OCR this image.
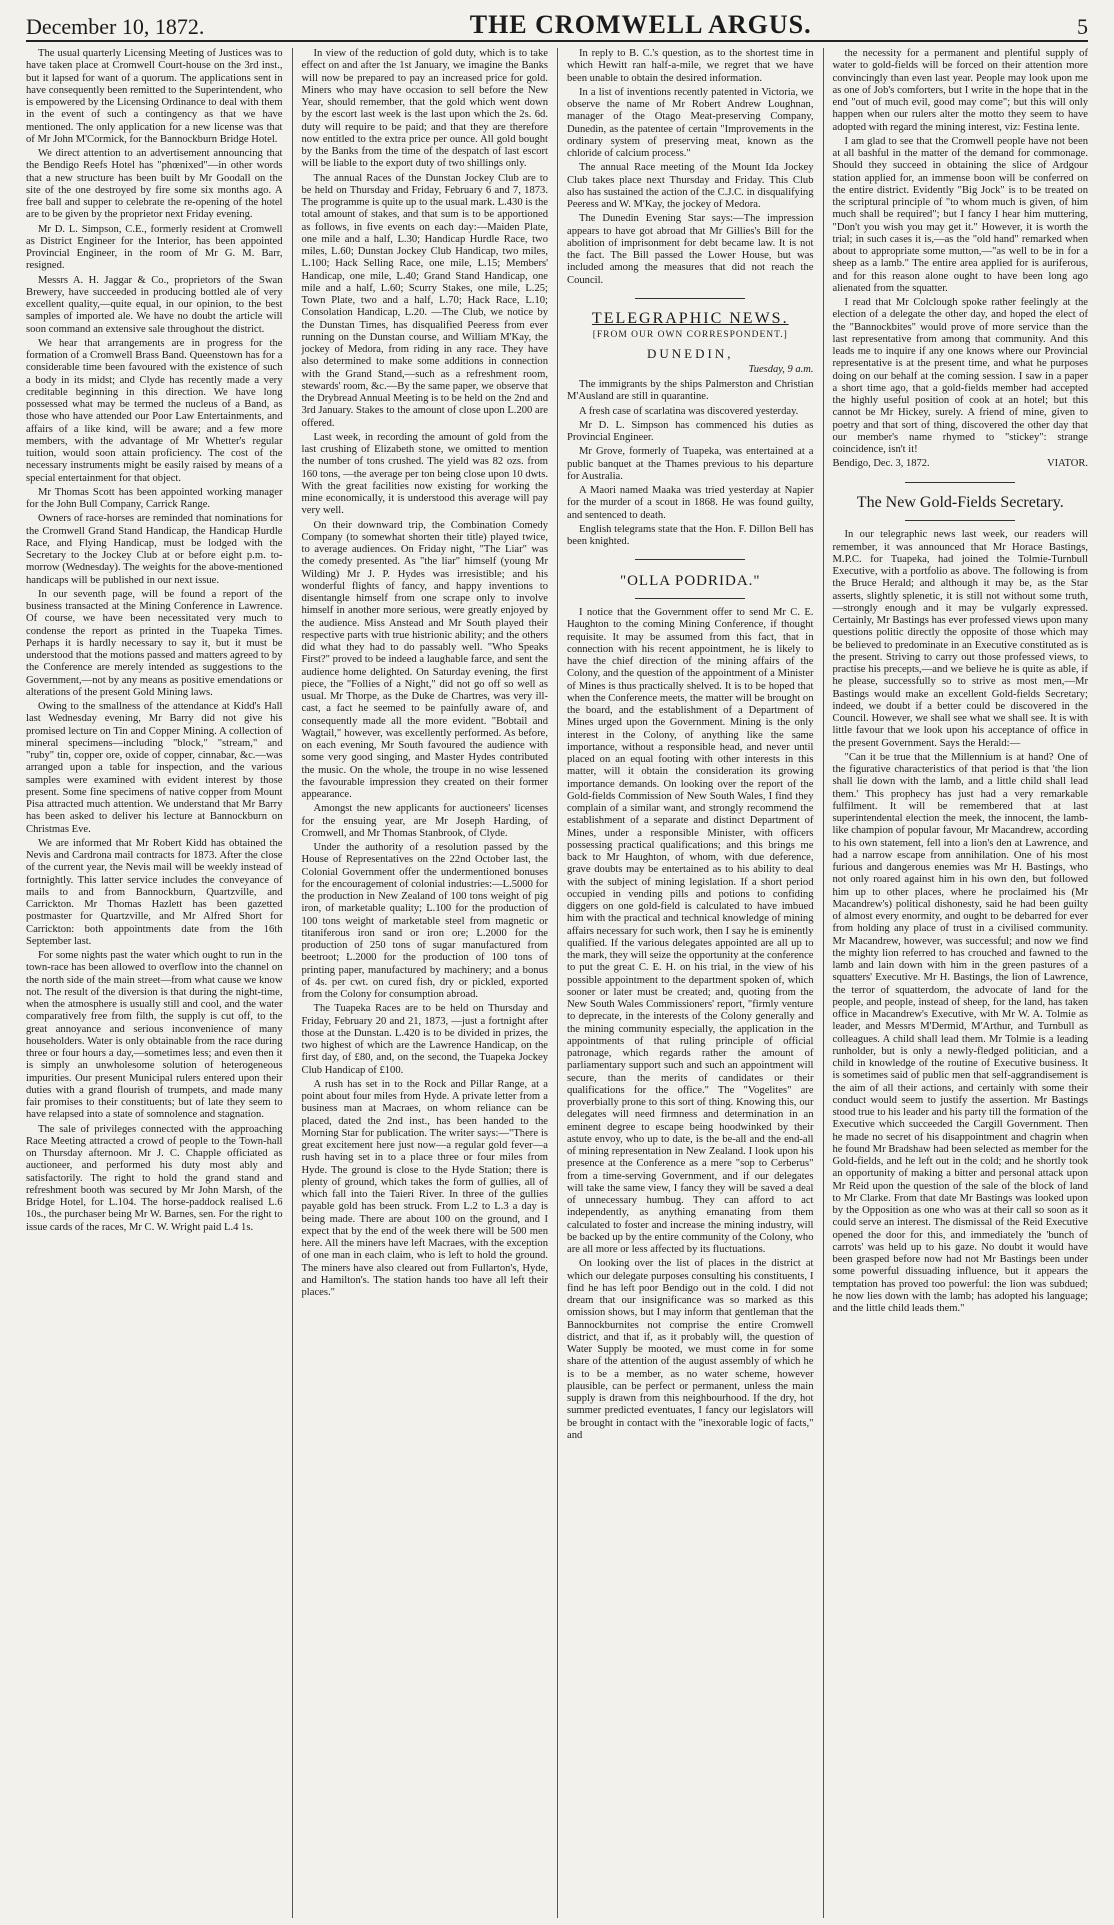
December 10, 1872.	THE CROMWELL ARGUS.	5

The usual quarterly Licensing Meeting of Justices was to have taken place at Cromwell Court-house on the 3rd inst., but it lapsed for want of a quorum. The applications sent in have consequently been remitted to the Superintendent, who is empowered by the Licensing Ordinance to deal with them in the event of such a contingency as that we have mentioned. The only application for a new license was that of Mr John M'Cormick, for the Bannockburn Bridge Hotel.

We direct attention to an advertisement announcing that the Bendigo Reefs Hotel has "phœnixed"—in other words that a new structure has been built by Mr Goodall on the site of the one destroyed by fire some six months ago. A free ball and supper to celebrate the re-opening of the hotel are to be given by the proprietor next Friday evening.

Mr D. L. Simpson, C.E., formerly resident at Cromwell as District Engineer for the Interior, has been appointed Provincial Engineer, in the room of Mr G. M. Barr, resigned.

Messrs A. H. Jaggar & Co., proprietors of the Swan Brewery, have succeeded in producing bottled ale of very excellent quality,—quite equal, in our opinion, to the best samples of imported ale. We have no doubt the article will soon command an extensive sale throughout the district.

We hear that arrangements are in progress for the formation of a Cromwell Brass Band. Queenstown has for a considerable time been favoured with the existence of such a body in its midst; and Clyde has recently made a very creditable beginning in this direction. We have long possessed what may be termed the nucleus of a Band, as those who have attended our Poor Law Entertainments, and affairs of a like kind, will be aware; and a few more members, with the advantage of Mr Whetter's regular tuition, would soon attain proficiency. The cost of the necessary instruments might be easily raised by means of a special entertainment for that object.

Mr Thomas Scott has been appointed working manager for the John Bull Company, Carrick Range.

Owners of race-horses are reminded that nominations for the Cromwell Grand Stand Handicap, the Handicap Hurdle Race, and Flying Handicap, must be lodged with the Secretary to the Jockey Club at or before eight p.m. to-morrow (Wednesday). The weights for the above-mentioned handicaps will be published in our next issue.

In our seventh page, will be found a report of the business transacted at the Mining Conference in Lawrence. Of course, we have been necessitated very much to condense the report as printed in the Tuapeka Times. Perhaps it is hardly necessary to say it, but it must be understood that the motions passed and matters agreed to by the Conference are merely intended as suggestions to the Government,—not by any means as positive emendations or alterations of the present Gold Mining laws.

Owing to the smallness of the attendance at Kidd's Hall last Wednesday evening, Mr Barry did not give his promised lecture on Tin and Copper Mining. A collection of mineral specimens—including "block," "stream," and "ruby" tin, copper ore, oxide of copper, cinnabar, &c.—was arranged upon a table for inspection, and the various samples were examined with evident interest by those present. Some fine specimens of native copper from Mount Pisa attracted much attention. We understand that Mr Barry has been asked to deliver his lecture at Bannockburn on Christmas Eve.

We are informed that Mr Robert Kidd has obtained the Nevis and Cardrona mail contracts for 1873. After the close of the current year, the Nevis mail will be weekly instead of fortnightly. This latter service includes the conveyance of mails to and from Bannockburn, Quartzville, and Carrickton. Mr Thomas Hazlett has been gazetted postmaster for Quartzville, and Mr Alfred Short for Carrickton: both appointments date from the 16th September last.

For some nights past the water which ought to run in the town-race has been allowed to overflow into the channel on the north side of the main street—from what cause we know not. The result of the diversion is that during the night-time, when the atmosphere is usually still and cool, and the water comparatively free from filth, the supply is cut off, to the great annoyance and serious inconvenience of many householders. Water is only obtainable from the race during three or four hours a day,—sometimes less; and even then it is simply an unwholesome solution of heterogeneous impurities. Our present Municipal rulers entered upon their duties with a grand flourish of trumpets, and made many fair promises to their constituents; but of late they seem to have relapsed into a state of somnolence and stagnation.

The sale of privileges connected with the approaching Race Meeting attracted a crowd of people to the Town-hall on Thursday afternoon. Mr J. C. Chapple officiated as auctioneer, and performed his duty most ably and satisfactorily. The right to hold the grand stand and refreshment booth was secured by Mr John Marsh, of the Bridge Hotel, for L.104. The horse-paddock realised L.6 10s., the purchaser being Mr W. Barnes, sen. For the right to issue cards of the races, Mr C. W. Wright paid L.4 1s.

In view of the reduction of gold duty, which is to take effect on and after the 1st January, we imagine the Banks will now be prepared to pay an increased price for gold. Miners who may have occasion to sell before the New Year, should remember, that the gold which went down by the escort last week is the last upon which the 2s. 6d. duty will require to be paid; and that they are therefore now entitled to the extra price per ounce. All gold bought by the Banks from the time of the despatch of last escort will be liable to the export duty of two shillings only.

The annual Races of the Dunstan Jockey Club are to be held on Thursday and Friday, February 6 and 7, 1873. The programme is quite up to the usual mark. L.430 is the total amount of stakes, and that sum is to be apportioned as follows, in five events on each day:—Maiden Plate, one mile and a half, L.30; Handicap Hurdle Race, two miles, L.60; Dunstan Jockey Club Handicap, two miles, L.100; Hack Selling Race, one mile, L.15; Members' Handicap, one mile, L.40; Grand Stand Handicap, one mile and a half, L.60; Scurry Stakes, one mile, L.25; Town Plate, two and a half, L.70; Hack Race, L.10; Consolation Handicap, L.20. —The Club, we notice by the Dunstan Times, has disqualified Peeress from ever running on the Dunstan course, and William M'Kay, the jockey of Medora, from riding in any race. They have also determined to make some additions in connection with the Grand Stand,—such as a refreshment room, stewards' room, &c.—By the same paper, we observe that the Drybread Annual Meeting is to be held on the 2nd and 3rd January. Stakes to the amount of close upon L.200 are offered.

Last week, in recording the amount of gold from the last crushing of Elizabeth stone, we omitted to mention the number of tons crushed. The yield was 82 ozs. from 160 tons, —the average per ton being close upon 10 dwts. With the great facilities now existing for working the mine economically, it is understood this average will pay very well.

On their downward trip, the Combination Comedy Company (to somewhat shorten their title) played twice, to average audiences. On Friday night, "The Liar" was the comedy presented. As "the liar" himself (young Mr Wilding) Mr J. P. Hydes was irresistible; and his wonderful flights of fancy, and happy inventions to disentangle himself from one scrape only to involve himself in another more serious, were greatly enjoyed by the audience. Miss Anstead and Mr South played their respective parts with true histrionic ability; and the others did what they had to do passably well. "Who Speaks First?" proved to be indeed a laughable farce, and sent the audience home delighted. On Saturday evening, the first piece, the "Follies of a Night," did not go off so well as usual. Mr Thorpe, as the Duke de Chartres, was very ill-cast, a fact he seemed to be painfully aware of, and consequently made all the more evident. "Bobtail and Wagtail," however, was excellently performed. As before, on each evening, Mr South favoured the audience with some very good singing, and Master Hydes contributed the music. On the whole, the troupe in no wise lessened the favourable impression they created on their former appearance.

Amongst the new applicants for auctioneers' licenses for the ensuing year, are Mr Joseph Harding, of Cromwell, and Mr Thomas Stanbrook, of Clyde.

Under the authority of a resolution passed by the House of Representatives on the 22nd October last, the Colonial Government offer the undermentioned bonuses for the encouragement of colonial industries:—L.5000 for the production in New Zealand of 100 tons weight of pig iron, of marketable quality; L.100 for the production of 100 tons weight of marketable steel from magnetic or titaniferous iron sand or iron ore; L.2000 for the production of 250 tons of sugar manufactured from beetroot; L.2000 for the production of 100 tons of printing paper, manufactured by machinery; and a bonus of 4s. per cwt. on cured fish, dry or pickled, exported from the Colony for consumption abroad.

The Tuapeka Races are to be held on Thursday and Friday, February 20 and 21, 1873, —just a fortnight after those at the Dunstan. L.420 is to be divided in prizes, the two highest of which are the Lawrence Handicap, on the first day, of £80, and, on the second, the Tuapeka Jockey Club Handicap of £100.

A rush has set in to the Rock and Pillar Range, at a point about four miles from Hyde. A private letter from a business man at Macraes, on whom reliance can be placed, dated the 2nd inst., has been handed to the Morning Star for publication. The writer says:—"There is great excitement here just now—a regular gold fever—a rush having set in to a place three or four miles from Hyde. The ground is close to the Hyde Station; there is plenty of ground, which takes the form of gullies, all of which fall into the Taieri River. In three of the gullies payable gold has been struck. From L.2 to L.3 a day is being made. There are about 100 on the ground, and I expect that by the end of the week there will be 500 men here. All the miners have left Macraes, with the exception of one man in each claim, who is left to hold the ground. The miners have also cleared out from Fullarton's, Hyde, and Hamilton's. The station hands too have all left their places."

In reply to B. C.'s question, as to the shortest time in which Hewitt ran half-a-mile, we regret that we have been unable to obtain the desired information.

In a list of inventions recently patented in Victoria, we observe the name of Mr Robert Andrew Loughnan, manager of the Otago Meat-preserving Company, Dunedin, as the patentee of certain "Improvements in the ordinary system of preserving meat, known as the chloride of calcium process."

The annual Race meeting of the Mount Ida Jockey Club takes place next Thursday and Friday. This Club also has sustained the action of the C.J.C. in disqualifying Peeress and W. M'Kay, the jockey of Medora.

The Dunedin Evening Star says:—The impression appears to have got abroad that Mr Gillies's Bill for the abolition of imprisonment for debt became law. It is not the fact. The Bill passed the Lower House, but was included among the measures that did not reach the Council.

TELEGRAPHIC NEWS.
[FROM OUR OWN CORRESPONDENT.]
DUNEDIN,
Tuesday, 9 a.m.

The immigrants by the ships Palmerston and Christian M'Ausland are still in quarantine.

A fresh case of scarlatina was discovered yesterday.

Mr D. L. Simpson has commenced his duties as Provincial Engineer.

Mr Grove, formerly of Tuapeka, was entertained at a public banquet at the Thames previous to his departure for Australia.

A Maori named Maaka was tried yesterday at Napier for the murder of a scout in 1868. He was found guilty, and sentenced to death.

English telegrams state that the Hon. F. Dillon Bell has been knighted.

"OLLA PODRIDA."

I notice that the Government offer to send Mr C. E. Haughton to the coming Mining Conference, if thought requisite. It may be assumed from this fact, that in connection with his recent appointment, he is likely to have the chief direction of the mining affairs of the Colony, and the question of the appointment of a Minister of Mines is thus practically shelved. It is to be hoped that when the Conference meets, the matter will be brought on the board, and the establishment of a Department of Mines urged upon the Government. Mining is the only interest in the Colony, of anything like the same importance, without a responsible head, and never until placed on an equal footing with other interests in this matter, will it obtain the consideration its growing importance demands. On looking over the report of the Gold-fields Commission of New South Wales, I find they complain of a similar want, and strongly recommend the establishment of a separate and distinct Department of Mines, under a responsible Minister, with officers possessing practical qualifications; and this brings me back to Mr Haughton, of whom, with due deference, grave doubts may be entertained as to his ability to deal with the subject of mining legislation. If a short period occupied in vending pills and potions to confiding diggers on one gold-field is calculated to have imbued him with the practical and technical knowledge of mining affairs necessary for such work, then I say he is eminently qualified. If the various delegates appointed are all up to the mark, they will seize the opportunity at the conference to put the great C. E. H. on his trial, in the view of his possible appointment to the department spoken of, which sooner or later must be created; and, quoting from the New South Wales Commissioners' report, "firmly venture to deprecate, in the interests of the Colony generally and the mining community especially, the application in the appointments of that ruling principle of official patronage, which regards rather the amount of parliamentary support such and such an appointment will secure, than the merits of candidates or their qualifications for the office." The "Vogelites" are proverbially prone to this sort of thing. Knowing this, our delegates will need firmness and determination in an eminent degree to escape being hoodwinked by their astute envoy, who up to date, is the be-all and the end-all of mining representation in New Zealand. I look upon his presence at the Conference as a mere "sop to Cerberus" from a time-serving Government, and if our delegates will take the same view, I fancy they will be saved a deal of unnecessary humbug. They can afford to act independently, as anything emanating from them calculated to foster and increase the mining industry, will be backed up by the entire community of the Colony, who are all more or less affected by its fluctuations.

On looking over the list of places in the district at which our delegate purposes consulting his constituents, I find he has left poor Bendigo out in the cold. I did not dream that our insignificance was so marked as this omission shows, but I may inform that gentleman that the Bannockburnites not comprise the entire Cromwell district, and that if, as it probably will, the question of Water Supply be mooted, we must come in for some share of the attention of the august assembly of which he is to be a member, as no water scheme, however plausible, can be perfect or permanent, unless the main supply is drawn from this neighbourhood. If the dry, hot summer predicted eventuates, I fancy our legislators will be brought in contact with the "inexorable logic of facts," and

the necessity for a permanent and plentiful supply of water to gold-fields will be forced on their attention more convincingly than even last year. People may look upon me as one of Job's comforters, but I write in the hope that in the end "out of much evil, good may come"; but this will only happen when our rulers alter the motto they seem to have adopted with regard the mining interest, viz: Festina lente.

I am glad to see that the Cromwell people have not been at all bashful in the matter of the demand for commonage. Should they succeed in obtaining the slice of Ardgour station applied for, an immense boon will be conferred on the entire district. Evidently "Big Jock" is to be treated on the scriptural principle of "to whom much is given, of him much shall be required"; but I fancy I hear him muttering, "Don't you wish you may get it." However, it is worth the trial; in such cases it is,—as the "old hand" remarked when about to appropriate some mutton,—"as well to be in for a sheep as a lamb." The entire area applied for is auriferous, and for this reason alone ought to have been long ago alienated from the squatter.

I read that Mr Colclough spoke rather feelingly at the election of a delegate the other day, and hoped the elect of the "Bannockbites" would prove of more service than the last representative from among that community. And this leads me to inquire if any one knows where our Provincial representative is at the present time, and what he purposes doing on our behalf at the coming session. I saw in a paper a short time ago, that a gold-fields member had accepted the highly useful position of cook at an hotel; but this cannot be Mr Hickey, surely. A friend of mine, given to poetry and that sort of thing, discovered the other day that our member's name rhymed to "stickey": strange coincidence, isn't it!

Bendigo, Dec. 3, 1872.	VIATOR.
The New Gold-Fields Secretary.

In our telegraphic news last week, our readers will remember, it was announced that Mr Horace Bastings, M.P.C. for Tuapeka, had joined the Tolmie-Turnbull Executive, with a portfolio as above. The following is from the Bruce Herald; and although it may be, as the Star asserts, slightly splenetic, it is still not without some truth,—strongly enough and it may be vulgarly expressed. Certainly, Mr Bastings has ever professed views upon many questions politic directly the opposite of those which may be believed to predominate in an Executive constituted as is the present. Striving to carry out those professed views, to practise his precepts,—and we believe he is quite as able, if he please, successfully so to strive as most men,—Mr Bastings would make an excellent Gold-fields Secretary; indeed, we doubt if a better could be discovered in the Council. However, we shall see what we shall see. It is with little favour that we look upon his acceptance of office in the present Government. Says the Herald:—

"Can it be true that the Millennium is at hand? One of the figurative characteristics of that period is that 'the lion shall lie down with the lamb, and a little child shall lead them.' This prophecy has just had a very remarkable fulfilment. It will be remembered that at last superintendental election the meek, the innocent, the lamb-like champion of popular favour, Mr Macandrew, according to his own statement, fell into a lion's den at Lawrence, and had a narrow escape from annihilation. One of his most furious and dangerous enemies was Mr H. Bastings, who not only roared against him in his own den, but followed him up to other places, where he proclaimed his (Mr Macandrew's) political dishonesty, said he had been guilty of almost every enormity, and ought to be debarred for ever from holding any place of trust in a civilised community. Mr Macandrew, however, was successful; and now we find the mighty lion referred to has crouched and fawned to the lamb and lain down with him in the green pastures of a squatters' Executive. Mr H. Bastings, the lion of Lawrence, the terror of squatterdom, the advocate of land for the people, and people, instead of sheep, for the land, has taken office in Macandrew's Executive, with Mr W. A. Tolmie as leader, and Messrs M'Dermid, M'Arthur, and Turnbull as colleagues. A child shall lead them. Mr Tolmie is a leading runholder, but is only a newly-fledged politician, and a child in knowledge of the routine of Executive business. It is sometimes said of public men that self-aggrandisement is the aim of all their actions, and certainly with some their conduct would seem to justify the assertion. Mr Bastings stood true to his leader and his party till the formation of the Executive which succeeded the Cargill Government. Then he made no secret of his disappointment and chagrin when he found Mr Bradshaw had been selected as member for the Gold-fields, and he left out in the cold; and he shortly took an opportunity of making a bitter and personal attack upon Mr Reid upon the question of the sale of the block of land to Mr Clarke. From that date Mr Bastings was looked upon by the Opposition as one who was at their call so soon as it could serve an interest. The dismissal of the Reid Executive opened the door for this, and immediately the 'bunch of carrots' was held up to his gaze. No doubt it would have been grasped before now had not Mr Bastings been under some powerful dissuading influence, but it appears the temptation has proved too powerful: the lion was subdued; he now lies down with the lamb; has adopted his language; and the little child leads them."
